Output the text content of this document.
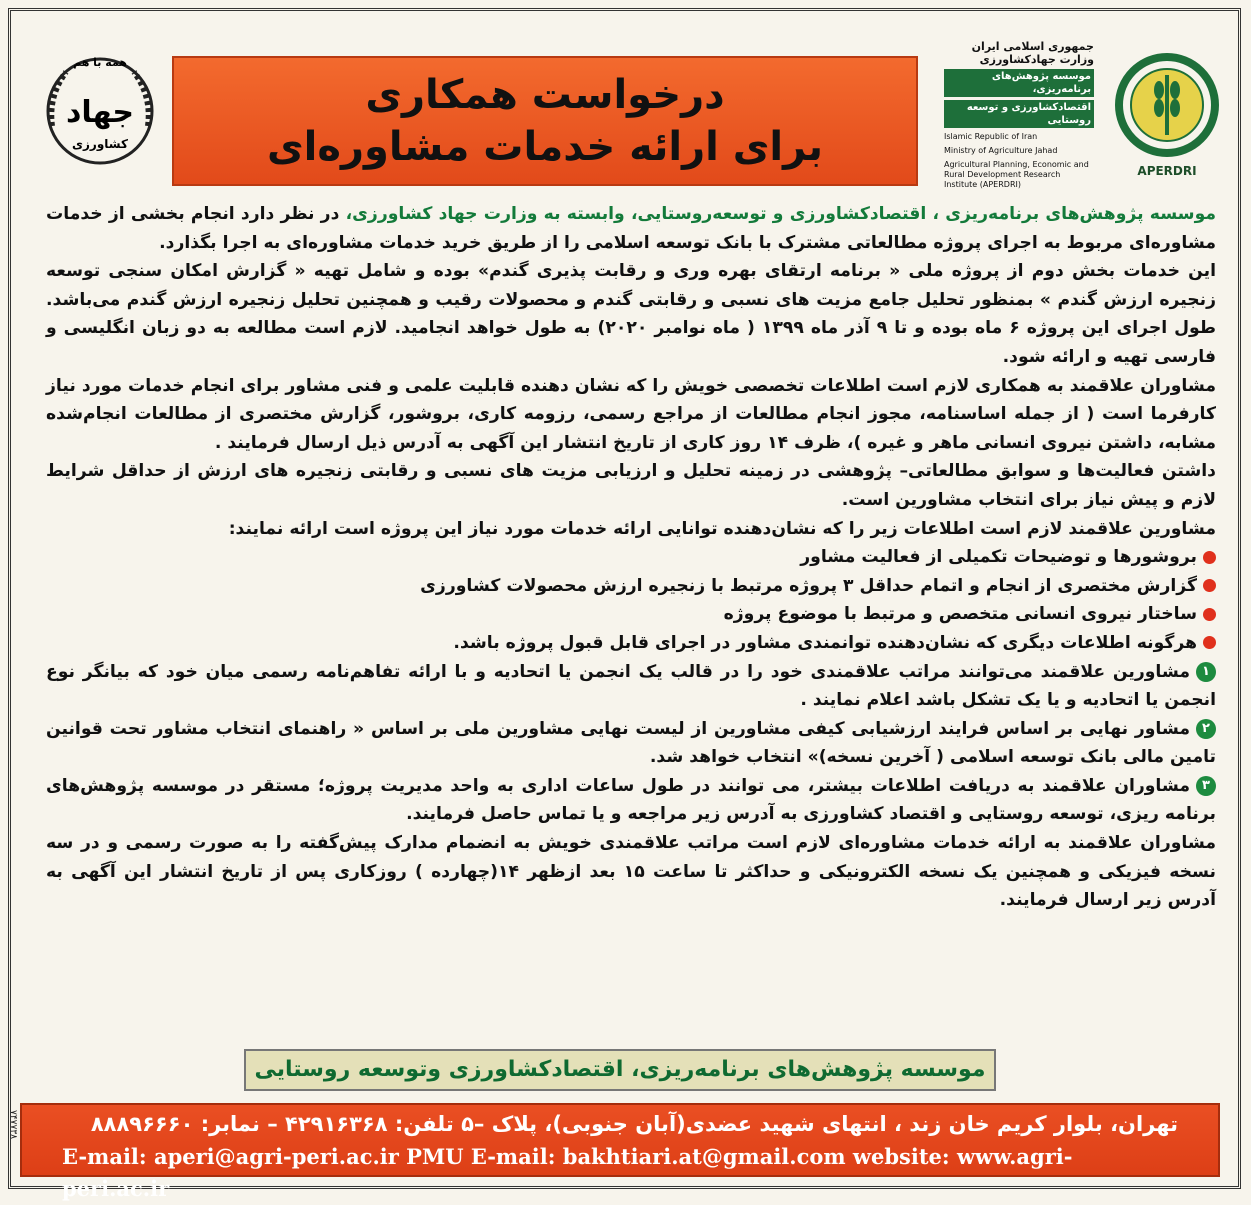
همه با هم
جهاد
کشاورزی
درخواست همکاری
برای ارائه خدمات مشاوره‌ای
جمهوری اسلامی ایران
وزارت جهادکشاورزی
موسسه پژوهش‌های برنامه‌ریزی،
اقتصادکشاورزی و توسعه روستایی
Islamic Republic of Iran
Ministry of Agriculture Jahad
Agricultural Planning, Economic and Rural Development Research Institute (APERDRI)
APERDRI

موسسه پژوهش‌های برنامه‌ریزی ، اقتصادکشاورزی و توسعه‌روستایی، وابسته به وزارت جهاد کشاورزی، در نظر دارد انجام بخشی از خدمات مشاوره‌ای مربوط به اجرای پروژه مطالعاتی مشترک با بانک توسعه اسلامی را از طریق خرید خدمات مشاوره‌ای به اجرا بگذارد.

این خدمات بخش دوم از پروژه ملی « برنامه ارتقای بهره وری و رقابت پذیری گندم» بوده و شامل تهیه « گزارش امکان سنجی توسعه زنجیره ارزش گندم » بمنظور تحلیل جامع مزیت های نسبی و رقابتی گندم و محصولات رقیب و همچنین تحلیل زنجیره ارزش گندم می‌باشد. طول اجرای این پروژه ۶ ماه بوده و تا ۹ آذر ماه ۱۳۹۹ ( ماه نوامبر ۲۰۲۰) به طول خواهد انجامید. لازم است مطالعه به دو زبان انگلیسی و فارسی تهیه و ارائه شود.

مشاوران علاقمند به همکاری لازم است اطلاعات تخصصی خویش را که نشان دهنده قابلیت علمی و فنی مشاور برای انجام خدمات مورد نیاز کارفرما است ( از جمله اساسنامه، مجوز انجام مطالعات از مراجع رسمی، رزومه کاری، بروشور، گزارش مختصری از مطالعات انجام‌شده مشابه، داشتن نیروی انسانی ماهر و غیره )، ظرف ۱۴ روز کاری از تاریخ انتشار این آگهی به آدرس ذیل ارسال فرمایند .

داشتن فعالیت‌ها و سوابق مطالعاتی– پژوهشی در زمینه تحلیل و ارزیابی مزیت های نسبی و رقابتی زنجیره های ارزش از حداقل شرایط لازم و پیش نیاز برای انتخاب مشاورین است.

مشاورین علاقمند لازم است اطلاعات زیر را که نشان‌دهنده توانایی ارائه خدمات مورد نیاز این پروژه است ارائه نمایند:

بروشورها و توضیحات تکمیلی از فعالیت مشاور
گزارش مختصری از انجام و اتمام حداقل ۳ پروژه مرتبط با زنجیره ارزش محصولات کشاورزی
ساختار نیروی انسانی متخصص و مرتبط با موضوع پروژه
هرگونه اطلاعات دیگری که نشان‌دهنده توانمندی مشاور در اجرای قابل قبول پروژه باشد.

۱مشاورین علاقمند می‌توانند مراتب علاقمندی خود را در قالب یک انجمن یا اتحادیه و با ارائه تفاهم‌نامه رسمی میان خود که بیانگر نوع انجمن یا اتحادیه و یا یک تشکل باشد اعلام نمایند .

۲مشاور نهایی بر اساس فرایند ارزشیابی کیفی مشاورین از لیست نهایی مشاورین ملی بر اساس « راهنمای انتخاب مشاور تحت قوانین تامین مالی بانک توسعه اسلامی ( آخرین نسخه)» انتخاب خواهد شد.

۳مشاوران علاقمند به دریافت اطلاعات بیشتر، می توانند در طول ساعات اداری به واحد مدیریت پروژه؛ مستقر در موسسه پژوهش‌های برنامه ریزی، توسعه روستایی و اقتصاد کشاورزی به آدرس زیر مراجعه و یا تماس حاصل فرمایند.

مشاوران علاقمند به ارائه خدمات مشاوره‌ای لازم است مراتب علاقمندی خویش به انضمام مدارک پیش‌گفته را به صورت رسمی و در سه نسخه فیزیکی و همچنین یک نسخه الکترونیکی و حداکثر تا ساعت ۱۵ بعد ازظهر ۱۴(چهارده ) روزکاری پس از تاریخ انتشار این آگهی به آدرس زیر ارسال فرمایند.

موسسه پژوهش‌های برنامه‌ریزی، اقتصادکشاورزی وتوسعه روستایی
تهران، بلوار کریم خان زند ، انتهای شهید عضدی(آبان جنوبی)، پلاک –۵ تلفن: ۴۲۹۱۶۳۶۸ – نمابر: ۸۸۸۹۶۶۶۰
E-mail: aperi@agri-peri.ac.ir PMU E-mail: bakhtiari.at@gmail.com website: www.agri-peri.ac.ir
۷۴۷۷۳۸
